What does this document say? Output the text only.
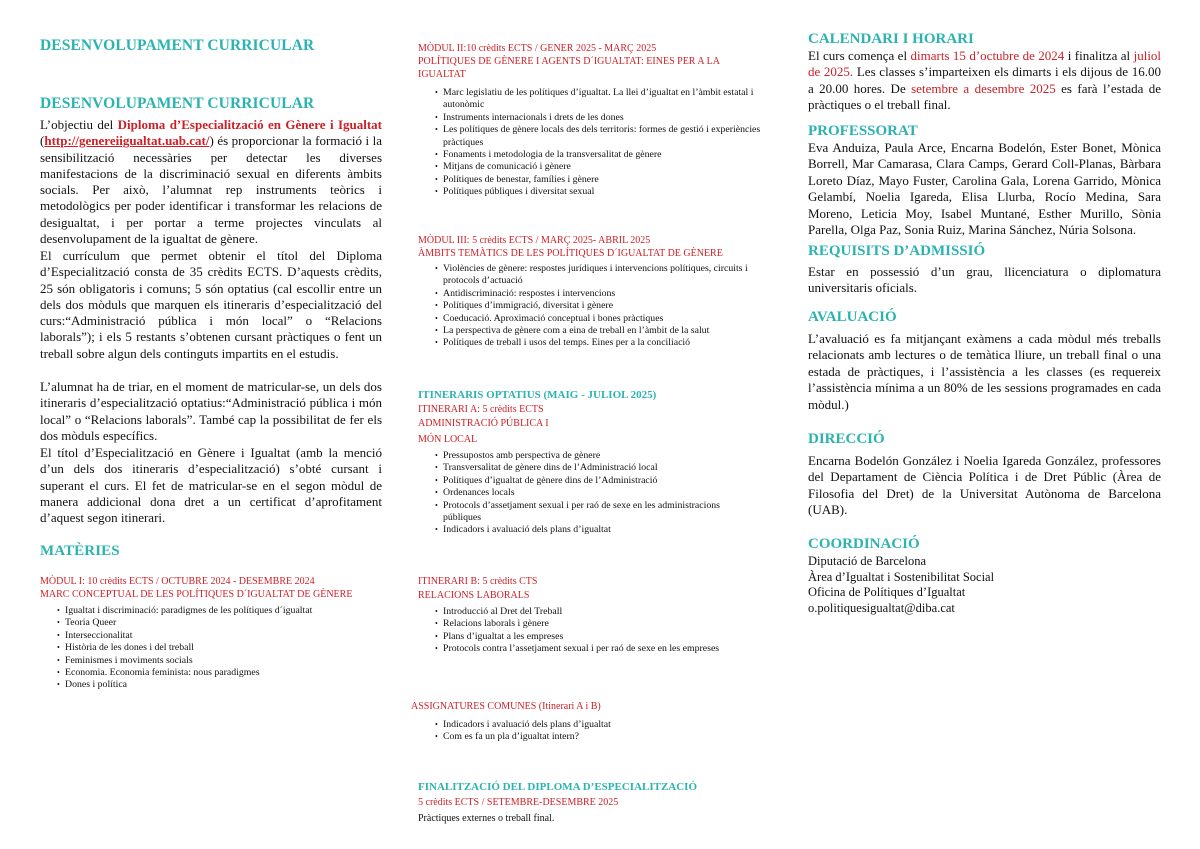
DESENVOLUPAMENT CURRICULAR
DESENVOLUPAMENT CURRICULAR

L’objectiu del Diploma d’Especialització en Gènere i Igualtat (http://genereiigualtat.uab.cat/) és proporcionar la formació i la sensibilització necessàries per detectar les diverses manifestacions de la discriminació sexual en diferents àmbits socials. Per això, l’alumnat rep instruments teòrics i metodològics per poder identificar i transformar les relacions de desigualtat, i per portar a terme projectes vinculats al desenvolupament de la igualtat de gènere.

El currículum que permet obtenir el títol del Diploma d’Especialització consta de 35 crèdits ECTS. D’aquests crèdits, 25 són obligatoris i comuns; 5 són optatius (cal escollir entre un dels dos mòduls que marquen els itineraris d’especialització del curs:“Administració pública i món local” o “Relacions laborals”); i els 5 restants s’obtenen cursant pràctiques o fent un treball sobre algun dels continguts impartits en el estudis.

L’alumnat ha de triar, en el moment de matricular-se, un dels dos itineraris d’especialització optatius:“Administració pública i món local” o “Relacions laborals”. També cap la possibilitat de fer els dos mòduls específics.

El títol d’Especialització en Gènere i Igualtat (amb la menció d’un dels dos itineraris d’especialització) s’obté cursant i superant el curs. El fet de matricular-se en el segon mòdul de manera addicional dona dret a un certificat d’aprofitament d’aquest segon itinerari.

MATÈRIES

MÒDUL I: 10 crèdits ECTS / OCTUBRE 2024 - DESEMBRE 2024

MARC CONCEPTUAL DE LES POLÍTIQUES D´IGUALTAT DE GÈNERE

• Igualtat i discriminació: paradigmes de les polítiques d´igualtat
• Teoria Queer
• Interseccionalitat
• Història de les dones i del treball
• Feminismes i moviments socials
• Economia. Economia feminista: nous paradigmes
• Dones i política

MÒDUL II:10 crèdits ECTS / GENER 2025 - MARÇ 2025

POLÍTIQUES DE GÈNERE I AGENTS D´IGUALTAT: EINES PER A LA IGUALTAT

• Marc legislatiu de les polítiques d’igualtat. La llei d’igualtat en l’àmbit estatal i autonòmic
• Instruments internacionals i drets de les dones
• Les polítiques de gènere locals des dels territoris: formes de gestió i experiències pràctiques
• Fonaments i metodologia de la transversalitat de gènere
• Mitjans de comunicació i gènere
• Polítiques de benestar, famílies i gènere
• Polítiques públiques i diversitat sexual

MÒDUL III: 5 crèdits ECTS / MARÇ 2025- ABRIL 2025

ÀMBITS TEMÀTICS DE LES POLÍTIQUES D´IGUALTAT DE GÈNERE

• Violències de gènere: respostes jurídiques i intervencions polítiques, circuits i protocols d’actuació
• Antidiscriminació: respostes i intervencions
• Polítiques d’immigració, diversitat i gènere
• Coeducació. Aproximació conceptual i bones pràctiques
• La perspectiva de gènere com a eina de treball en l’àmbit de la salut
• Polítiques de treball i usos del temps. Eines per a la conciliació

ITINERARIS OPTATIUS (MAIG - JULIOL 2025)

ITINERARI A: 5 crèdits ECTS

ADMINISTRACIÓ PÚBLICA I

MÓN LOCAL

• Pressupostos amb perspectiva de gènere
• Transversalitat de gènere dins de l’Administració local
• Polítiques d’igualtat de gènere dins de l’Administració
• Ordenances locals
• Protocols d’assetjament sexual i per raó de sexe en les administracions públiques
• Indicadors i avaluació dels plans d’igualtat

ITINERARI B: 5 crèdits CTS

RELACIONS LABORALS

• Introducció al Dret del Treball
• Relacions laborals i gènere
• Plans d’igualtat a les empreses
• Protocols contra l’assetjament sexual i per raó de sexe en les empreses

ASSIGNATURES COMUNES (Itinerari A i B)

• Indicadors i avaluació dels plans d’igualtat
• Com es fa un pla d’igualtat intern?

FINALITZACIÓ DEL DIPLOMA D’ESPECIALITZACIÓ

5 crèdits ECTS / SETEMBRE-DESEMBRE 2025

Pràctiques externes o treball final.

CALENDARI I HORARI

El curs comença el dimarts 15 d’octubre de 2024 i finalitza al juliol de 2025. Les classes s’imparteixen els dimarts i els dijous de 16.00 a 20.00 hores. De setembre a desembre 2025 es farà l’estada de pràctiques o el treball final.

PROFESSORAT

Eva Anduiza, Paula Arce, Encarna Bodelón, Ester Bonet, Mònica Borrell, Mar Camarasa, Clara Camps, Gerard Coll-Planas, Bàrbara Loreto Díaz, Mayo Fuster, Carolina Gala, Lorena Garrido, Mònica Gelambí, Noelia Igareda, Elisa Llurba, Rocío Medina, Sara Moreno, Leticia Moy, Isabel Muntané, Esther Murillo, Sònia Parella, Olga Paz, Sonia Ruiz, Marina Sánchez, Núria Solsona.

REQUISITS D’ADMISSIÓ

Estar en possessió d’un grau, llicenciatura o diplomatura universitaris oficials.

AVALUACIÓ

L’avaluació es fa mitjançant exàmens a cada mòdul més treballs relacionats amb lectures o de temàtica lliure, un treball final o una estada de pràctiques, i l’assistència a les classes (es requereix l’assistència mínima a un 80% de les sessions programades en cada mòdul.)

DIRECCIÓ

Encarna Bodelón González i Noelia Igareda González, professores del Departament de Ciència Política i de Dret Públic (Àrea de Filosofia del Dret) de la Universitat Autònoma de Barcelona (UAB).

COORDINACIÓ

Diputació de Barcelona

Àrea d’Igualtat i Sostenibilitat Social

Oficina de Polítiques d’Igualtat

o.politiquesigualtat@diba.cat
